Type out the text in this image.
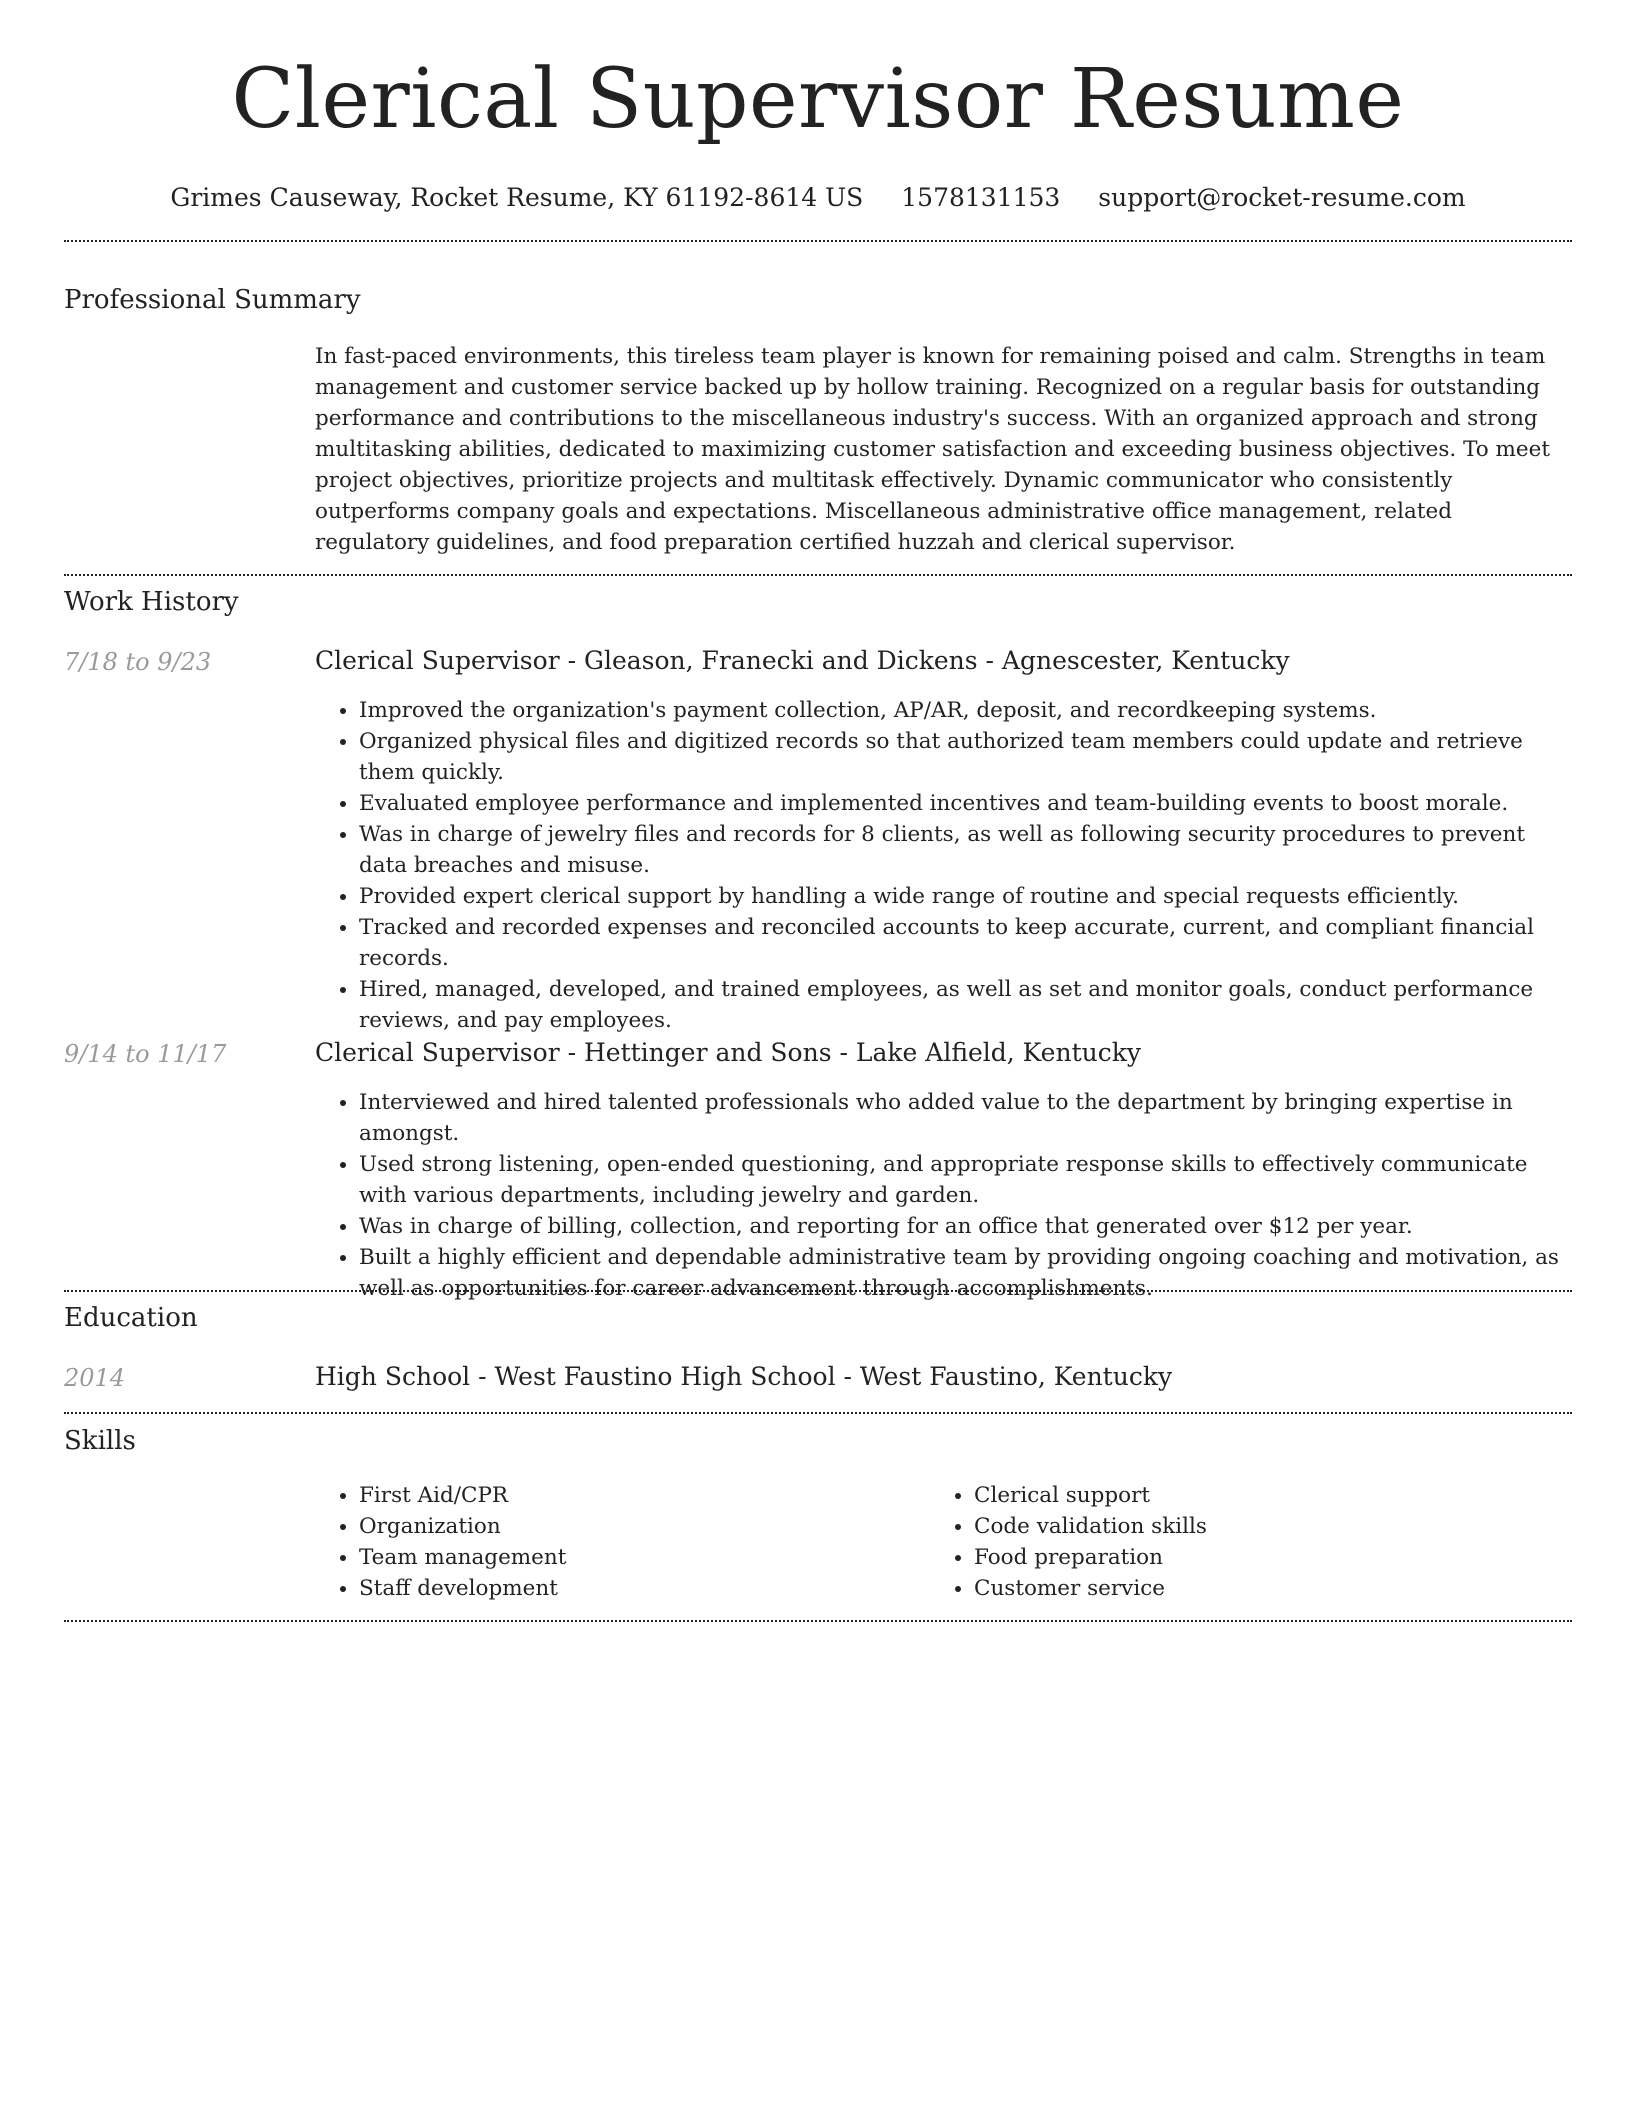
Clerical Supervisor Resume
Grimes Causeway, Rocket Resume, KY 61192-8614 US 1578131153 support@rocket-resume.com
Professional Summary

In fast-paced environments, this tireless team player is known for remaining poised and calm. Strengths in team management and customer service backed up by hollow training. Recognized on a regular basis for outstanding performance and contributions to the miscellaneous industry's success. With an organized approach and strong multitasking abilities, dedicated to maximizing customer satisfaction and exceeding business objectives. To meet project objectives, prioritize projects and multitask effectively. Dynamic communicator who consistently outperforms company goals and expectations. Miscellaneous administrative office management, related regulatory guidelines, and food preparation certified huzzah and clerical supervisor.

Work History
7/18 to 9/23	Clerical Supervisor - Gleason, Franecki and Dickens - Agnescester, Kentucky
• Improved the organization's payment collection, AP/AR, deposit, and recordkeeping systems.
• Organized physical files and digitized records so that authorized team members could update and retrieve them quickly.
• Evaluated employee performance and implemented incentives and team-building events to boost morale.
• Was in charge of jewelry files and records for 8 clients, as well as following security procedures to prevent data breaches and misuse.
• Provided expert clerical support by handling a wide range of routine and special requests efficiently.
• Tracked and recorded expenses and reconciled accounts to keep accurate, current, and compliant financial records.
• Hired, managed, developed, and trained employees, as well as set and monitor goals, conduct performance reviews, and pay employees.
9/14 to 11/17	Clerical Supervisor - Hettinger and Sons - Lake Alfield, Kentucky
• Interviewed and hired talented professionals who added value to the department by bringing expertise in amongst.
• Used strong listening, open-ended questioning, and appropriate response skills to effectively communicate with various departments, including jewelry and garden.
• Was in charge of billing, collection, and reporting for an office that generated over $12 per year.
• Built a highly efficient and dependable administrative team by providing ongoing coaching and motivation, as well as opportunities for career advancement through accomplishments.
Education
2014	High School - West Faustino High School - West Faustino, Kentucky
Skills
• First Aid/CPR
• Organization
• Team management
• Staff development
• Clerical support
• Code validation skills
• Food preparation
• Customer service
